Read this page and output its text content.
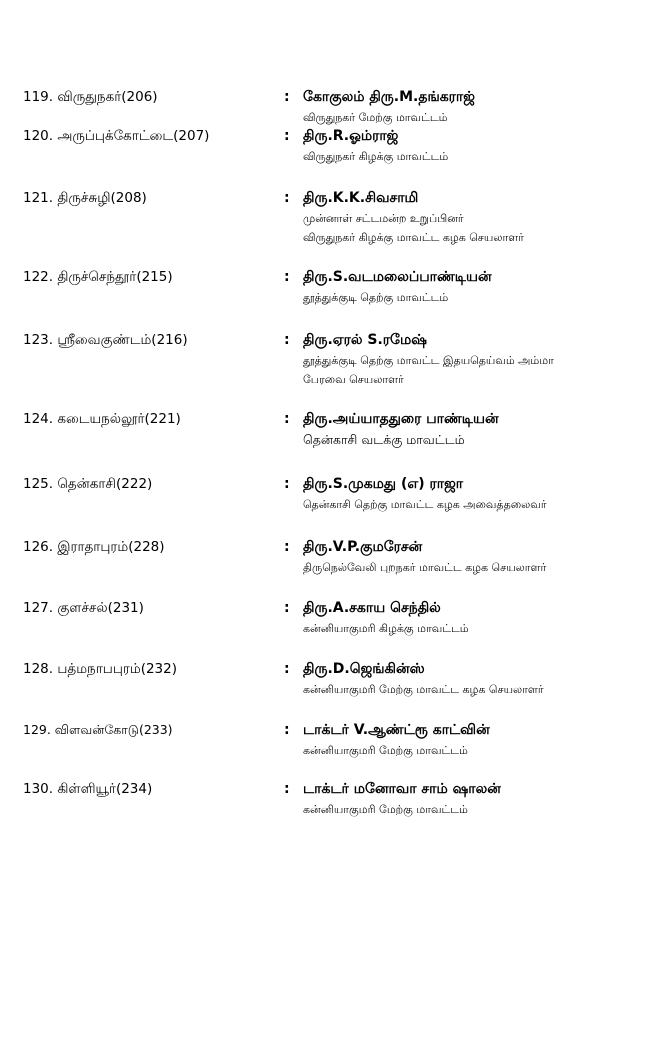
119. விருதுநகர்(206)	: கோகுலம் திரு.M.தங்கராஜ்
விருதுநகர் மேற்கு மாவட்டம்
120. அருப்புக்கோட்டை(207)	: திரு.R.ஓம்ராஜ்
விருதுநகர் கிழக்கு மாவட்டம்
121. திருச்சுழி(208)	: திரு.K.K.சிவசாமி
முன்னாள் சட்டமன்ற உறுப்பினர்
விருதுநகர் கிழக்கு மாவட்ட கழக செயலாளர்
122. திருச்செந்தூர்(215)	: திரு.S.வடமலைப்பாண்டியன்
தூத்துக்குடி தெற்கு மாவட்டம்
123. ஸ்ரீவைகுண்டம்(216)	: திரு.ஏரல் S.ரமேஷ்
தூத்துக்குடி தெற்கு மாவட்ட இதயதெய்வம் அம்மா
பேரவை செயலாளர்
124. கடையநல்லூர்(221)	: திரு.அய்யாததுரை பாண்டியன்
தென்காசி வடக்கு மாவட்டம்
125. தென்காசி(222)	: திரு.S.முகமது (எ) ராஜா
தென்காசி தெற்கு மாவட்ட கழக அவைத்தலைவர்
126. இராதாபுரம்(228)	: திரு.V.P.குமரேசன்
திருநெல்வேலி புறநகர் மாவட்ட கழக செயலாளர்
127. குளச்சல்(231)	: திரு.A.சகாய செந்தில்
கன்னியாகுமரி கிழக்கு மாவட்டம்
128. பத்மநாபபுரம்(232)	: திரு.D.ஜெங்கின்ஸ்
கன்னியாகுமரி மேற்கு மாவட்ட கழக செயலாளர்
129. விளவன்கோடு(233)	: டாக்டர் V.ஆண்ட்ரூ காட்வின்
கன்னியாகுமரி மேற்கு மாவட்டம்
130. கிள்ளியூர்(234)	: டாக்டர் மனோவா சாம் ஷாலன்
கன்னியாகுமரி மேற்கு மாவட்டம்
